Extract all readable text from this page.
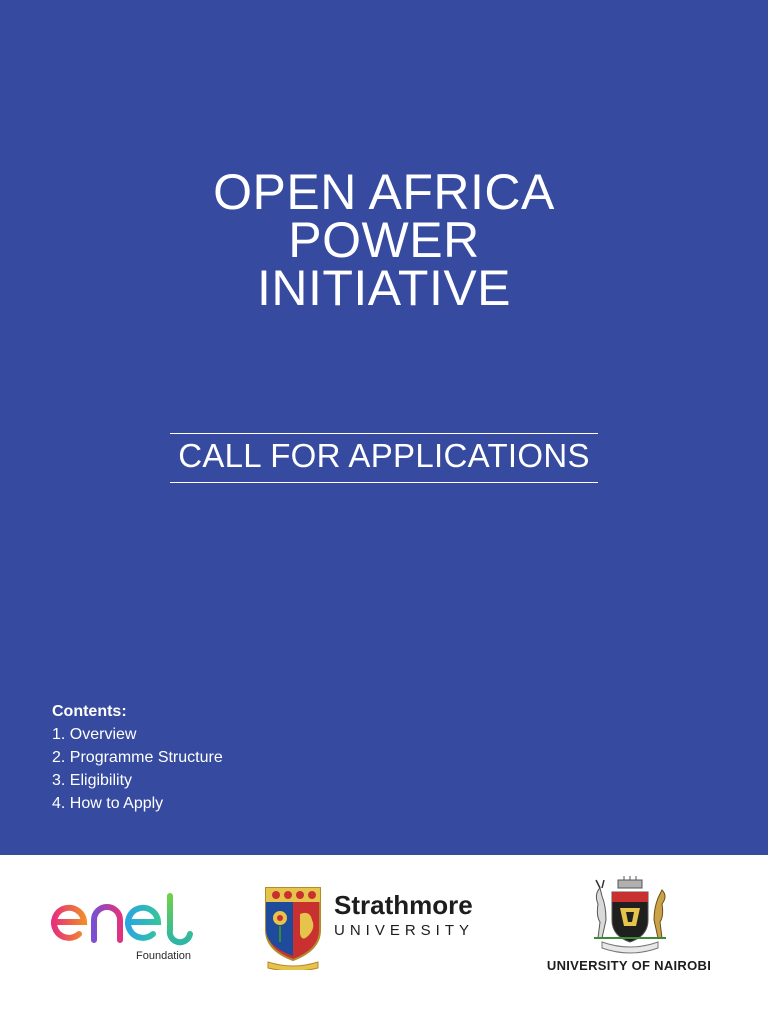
OPEN AFRICA
POWER
INITIATIVE
CALL FOR APPLICATIONS
Contents:
1. Overview
2. Programme Structure
3. Eligibility
4. How to Apply
Foundation
Strathmore
UNIVERSITY
UNIVERSITY OF NAIROBI
